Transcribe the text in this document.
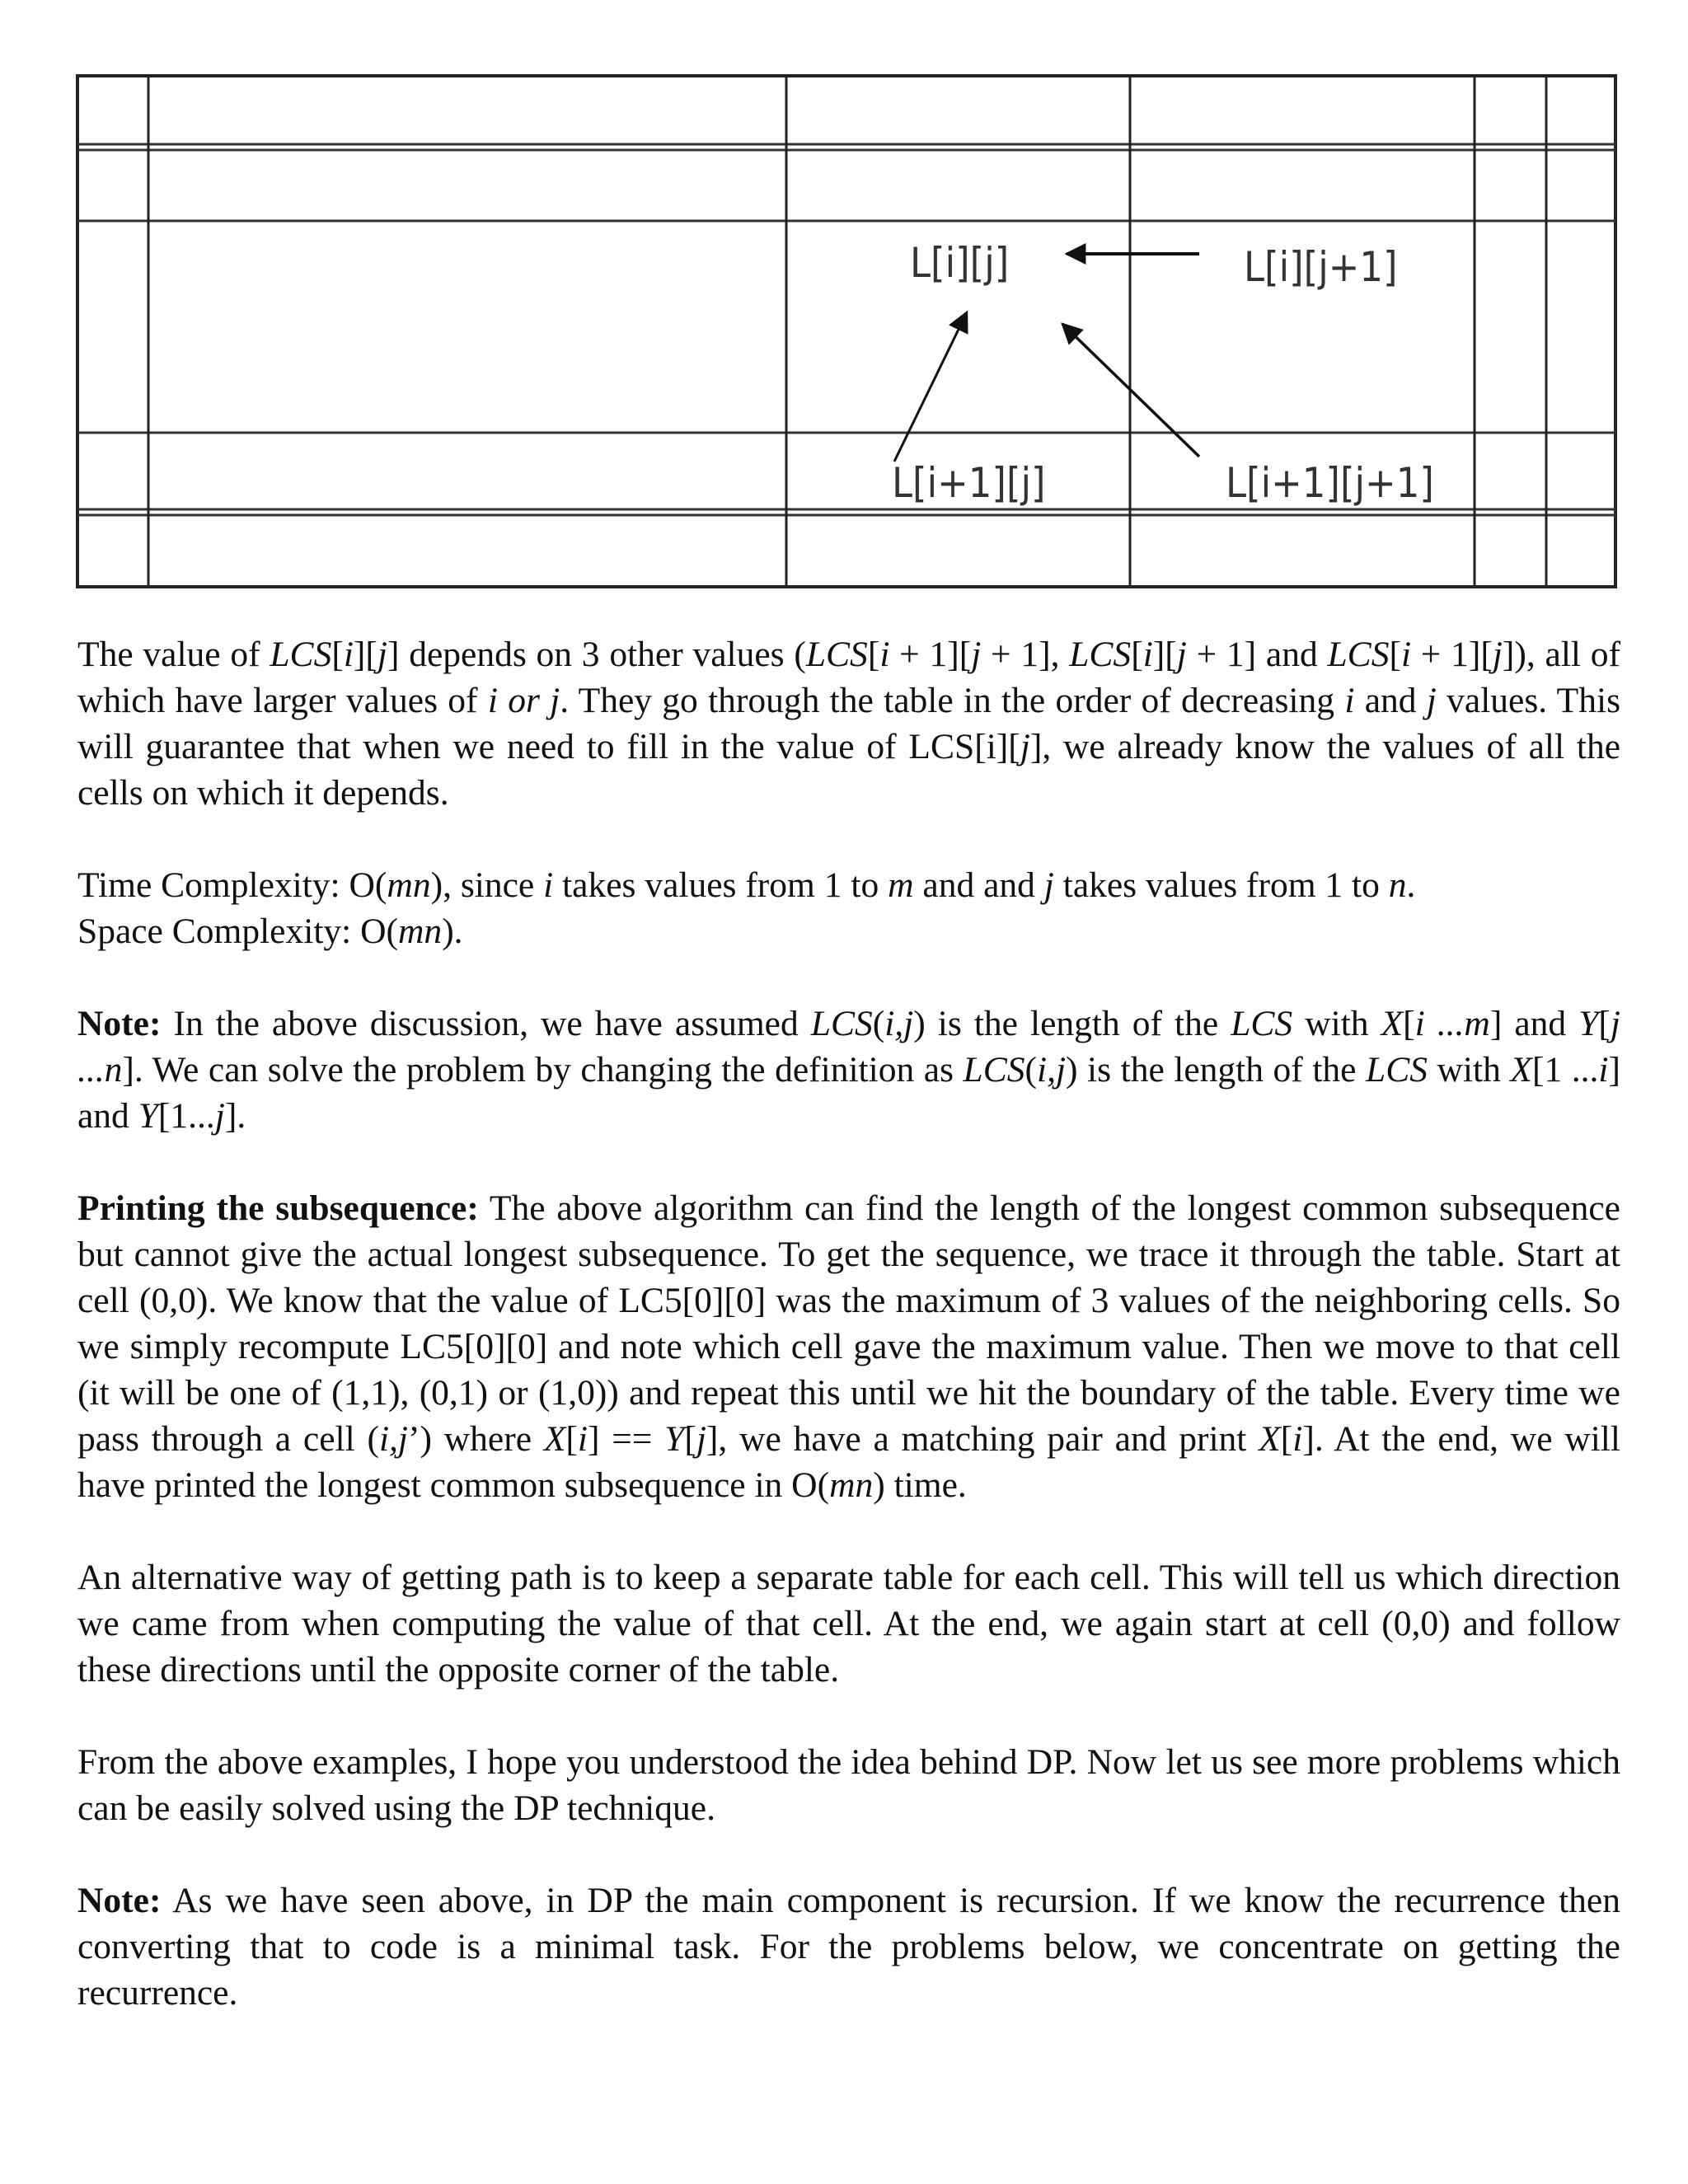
L[i][j]	L[i][j+1]
L[i+1][j]	L[i+1][j+1]

The value of LCS[i][j] depends on 3 other values (LCS[i + 1][j + 1], LCS[i][j + 1] and LCS[i + 1][j]), all of which have larger values of i or j. They go through the table in the order of decreasing i and j values. This will guarantee that when we need to fill in the value of LCS[i][j], we already know the values of all the cells on which it depends.

Time Complexity: O(mn), since i takes values from 1 to m and and j takes values from 1 to n.

Space Complexity: O(mn).

Note: In the above discussion, we have assumed LCS(i,j) is the length of the LCS with X[i ...m] and Y[j ...n]. We can solve the problem by changing the definition as LCS(i,j) is the length of the LCS with X[1 ...i] and Y[1...j].

Printing the subsequence: The above algorithm can find the length of the longest common subsequence but cannot give the actual longest subsequence. To get the sequence, we trace it through the table. Start at cell (0,0). We know that the value of LC5[0][0] was the maximum of 3 values of the neighboring cells. So we simply recompute LC5[0][0] and note which cell gave the maximum value. Then we move to that cell (it will be one of (1,1), (0,1) or (1,0)) and repeat this until we hit the boundary of the table. Every time we pass through a cell (i,j’) where X[i] == Y[j], we have a matching pair and print X[i]. At the end, we will have printed the longest common subsequence in O(mn) time.

An alternative way of getting path is to keep a separate table for each cell. This will tell us which direction we came from when computing the value of that cell. At the end, we again start at cell (0,0) and follow these directions until the opposite corner of the table.

From the above examples, I hope you understood the idea behind DP. Now let us see more problems which can be easily solved using the DP technique.

Note: As we have seen above, in DP the main component is recursion. If we know the recurrence then converting that to code is a minimal task. For the problems below, we concentrate on getting the recurrence.
